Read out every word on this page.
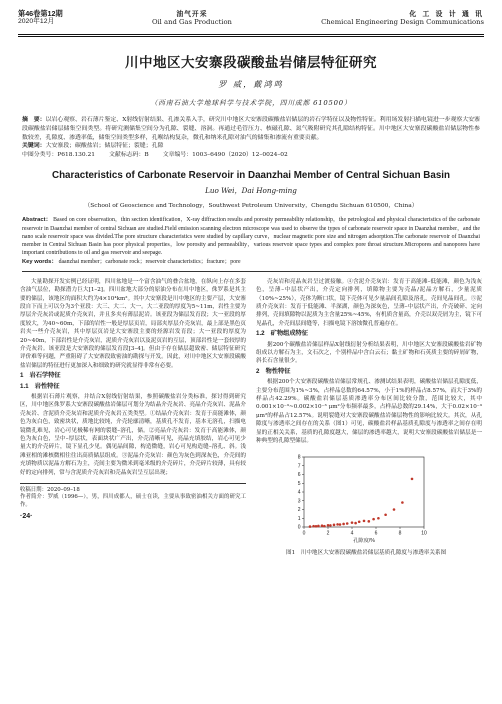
第46卷第12期
2020年12月
油气开采
Oil and Gas Production
化 工 设 计 通 讯
Chemical Engineering Design Communications
川中地区大安寨段碳酸盐岩储层特征研究
罗 威，戴鸿鸣
（西南石油大学地球科学与技术学院，四川成都 610500）
摘　要：以岩心观察、岩石薄片鉴定、X射线衍射结果、孔渗关系入手，研究川中地区大安寨段碳酸盐岩储层的岩石学特征以及物性特征。利用场发射扫描电镜进一步观察大安寨段碳酸盐岩储层储集空间类型。将研究测储集空间分为孔隙、裂缝、溶洞。再通过毛管压力、核磁孔隙、氮气吸附研究其孔隙结构特征。川中地区大安寨段碳酸盐岩储层物性参数较差，孔隙度、渗透率低，储集空间类型多样，孔喉结构复杂，微孔和纳米孔隙对油气的储集和渗流有重要贡献。
关键词：大安寨段；碳酸盐岩；储层特征；裂缝；孔隙
中图分类号：P618.130.21 文献标志码：B 文章编号：1003–6490（2020）12–0024–02
Characteristics of Carbonate Reservoir in Daanzhai Member of Central Sichuan Basin
Luo Wei，Dai Hong-ming
（School of Geoscience and Technology，Southwest Petroleum University，Chengdu Sichuan 610500，China）
Abstract： Based on core observation，thin section identification，X-ray diffraction results and porosity permeability relationship，the petrological and physical characteristics of the carbonate reservoir in Daanzhai member of central Sichuan are studied.Field emission scanning electron microscope was used to observe the types of carbonate reservoir space in Daanzhai member，and the nano scale reservoir space was divided.The pore structure characteristics were studied by capillary curve，nuclear magnetic pore size and nitrogen adsorption.The carbonate reservoir of Daanzhai member in Central Sichuan Basin has poor physical properties，low porosity and permeability，various reservoir space types and complex pore throat structure.Micropores and nanopores have important contributions to oil and gas reservoir and seepage.
Key words： daanzhai member；carbonate rock；reservoir characteristics；fracture；pore

大量勘探开发实例已经证明，四川盆地是一个富含油气的叠合盆地，在纵向上存在多套含油气层位，勘探潜力巨大[1–2]。四川盆地大部分的原油分布在川中地区，侏罗系是其主要的储层，该地区的面积大约为4×10⁴km²。其中大安寨段是川中地区的主要产层，大安寨段自下而上可以分为3个亚段：大三、大二、大一。大二亚段的厚度为5~11m，岩性主要为厚层介壳灰岩或泥质介壳灰岩，并且多夹有薄层泥岩。该亚段为储层发育段；大一亚段的厚度较大，为40~60m，下部的岩性一般是厚层页岩，局部夹厚层介壳灰岩，最上部是黑色页岩夹一些介壳灰岩，其中厚层页岩是大安寨段主要的烃源岩发育段；大一亚段的厚度为20~40m，下部岩性是介壳灰岩，泥质介壳灰岩以及泥页岩的互层，顶部岩性是一套较厚的介壳灰岩。该亚段是大安寨段的储层发育段[3–4]。但由于存在储层超致密、储层特征研究评价难等问题，严重阻碍了大安寨段致密油的勘探与开发。因此，对川中地区大安寨段碳酸盐岩储层的特征进行更加深入和细致的研究就显得非常有必要。

1　岩石学特征
1.1　岩性特征

根据岩石薄片观察，并结合X射线衍射结果，参照碳酸盐岩分类标准，探讨得到研究区，川中地区侏罗系大安寨段碳酸盐岩储层可划分为结晶介壳灰岩、亮晶介壳灰岩、泥晶介壳灰岩、含泥质介壳灰岩和泥质介壳灰岩五类类型。①结晶介壳灰岩：发育于高能滩体，颜色为灰白色，致密块状，质地比较纯，介壳轮廓清晰，基质孔不发育，基本无溶孔，扫描电镜微孔难见，岩心可见极稀有网的裂缝–溶孔，储。②亮晶介壳灰岩：发育于高能滩体，颜色为灰白色，呈中–厚层状，表面块状广产出，介壳清晰可见，亮晶充填胶结，岩心可见少量大的介壳碎片，镜下显孔少见。偶见晶间隙，构造微缝，岩心可见构造缝–溶孔、斜。浅滩亚相的滩核微相往往出高质储层组成。③泥晶介壳灰岩：颜色为灰色到深灰色，介壳间的充填物质以泥晶方解石为主，壳间主要为微米到毫米级的介壳碎片，介壳碎片较薄，具有较好的定向排列，常与含泥质介壳灰岩和壳晶灰岩呈互层出现；

收稿日期：2020–09–18
作者简介：罗威（1996—），男，四川成都人，硕士在读，主要从事致密油相关方面的研究工作。
·24·

壳灰岩和亮晶灰岩呈过渡接触。④含泥介壳灰岩：发育于高能滩–低能滩，颜色为浅灰色，呈薄–中层状产出，介壳定向排列，填隙物主要为壳晶/泥晶方解石，少量泥质（10%~25%），壳体为断口状，镜下壳体可见少量晶间孔隙及溶孔，壳间见晶间孔。⑤泥质介壳灰岩：发育于低能滩、半深湖，颜色为深灰色，呈薄–中层状产出，介壳破碎、定向排列，壳间填隙物以泥质为主含量25%~45%，有机质含量高，介壳以双壳屑为主，镜下可见晶孔，介壳间层间缝等，扫描电镜下溶蚀微孔普遍存在。

1.2　矿物组成特征

据200个碳酸盐岩储层样品X射线衍射分析结果表明，川中地区大安寨段碳酸盐岩矿物组成以方解石为主，文石次之，个别样品中含白云石；黏土矿物和石英质主要的碎屑矿物，斜长石含量很少。

2　物性特征

根据200个大安寨段碳酸盐岩储层常规孔、渗测试结果表明，碳酸盐岩储层孔隙度低，主要分布范围为1%~3%，占样品总数的64.57%，小于1%的样品占8.57%，而大于3%的样品占42.29%。碳酸盐岩储层基质渗透率分布区间比较分散，范围比较大，其中0.001×10⁻³~0.002×10⁻³ μm²分布频率最多，占样品总数的29.14%，大于0.02×10⁻³ μm²的样品占12.57%。说明裂缝对大安寨段碳酸盐岩储层物性的影响比较大。其次，从孔隙度与渗透率之间存在的关系（图1）可见，碳酸盐岩样品基质孔隙度与渗透率之间存在明显的正相关关系，基质的孔隙度越大，储层的渗透率越大，说明大安寨段碳酸盐岩储层是一种典型的孔隙型储层。

0	2	4	6	8	10
0
1
2
3
4
5
6
7
8
孔隙度/%
图1　川中地区大安寨段碳酸盐岩储层基质孔隙度与渗透率关系图
